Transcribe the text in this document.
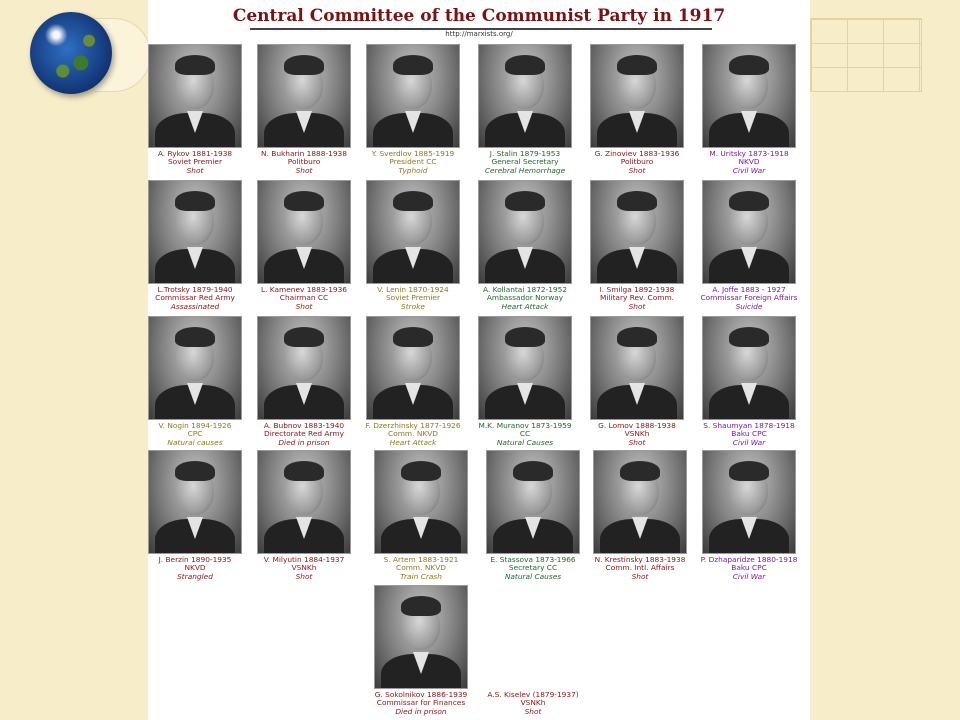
Central Committee of the Communist Party in 1917
http://marxists.org/

A. Rykov 1881-1938

Soviet Premier

Shot

N. Bukharin 1888-1938

Politburo

Shot

Y. Sverdlov 1885-1919

President CC

Typhoid

J. Stalin 1879-1953

General Secretary

Cerebral Hemorrhage

G. Zinoviev 1883-1936

Politburo

Shot

M. Uritsky 1873-1918

NKVD

Civil War

L.Trotsky 1879-1940

Commissar Red Army

Assassinated

L. Kamenev 1883-1936

Chairman CC

Shot

V. Lenin 1870-1924

Soviet Premier

Stroke

A. Kollantai 1872-1952

Ambassador Norway

Heart Attack

I. Smilga 1892-1938

Military Rev. Comm.

Shot

A. Joffe 1883 - 1927

Commissar Foreign Affairs

Suicide

V. Nogin 1894-1926

CPC

Natural causes

A. Bubnov 1883-1940

Directorate Red Army

Died in prison

F. Dzerzhinsky 1877-1926

Comm. NKVD

Heart Attack

M.K. Muranov 1873-1959

CC

Natural Causes

G. Lomov 1888-1938

VSNKh

Shot

S. Shaumyan 1878-1918

Baku CPC

Civil War

J. Berzin 1890-1935

NKVD

Strangled

V. Milyutin 1884-1937

VSNKh

Shot

S. Artem 1883-1921

Comm. NKVD

Train Crash

E. Stassova 1873-1966

Secretary CC

Natural Causes

N. Krestinsky 1883-1938

Comm. Intl. Affairs

Shot

P. Dzhaparidze 1880-1918

Baku CPC

Civil War

G. Sokolnikov 1886-1939

Commissar for Finances

Died in prison

A.S. Kiselev (1879-1937)

VSNKh

Shot
